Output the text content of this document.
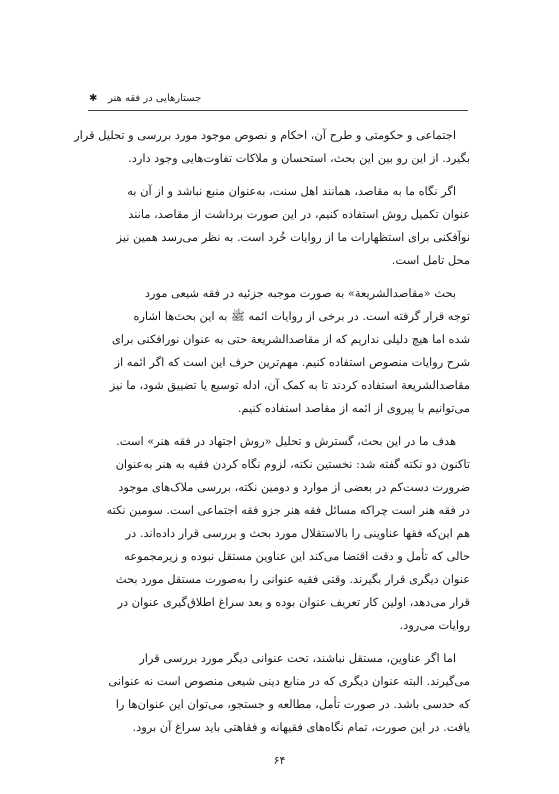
✱ جستارهایی در فقه هنر
اجتماعی و حکومتی و طرح آن، احکام و نصوص موجود مورد بررسی و تحلیل قرار
بگیرد. از این رو بین این بحث، استحسان و ملاکات تفاوت‌هایی وجود دارد.
اگر نگاه ما به مقاصد، همانند اهل سنت، به‌عنوان منبع نباشد و از آن به
عنوان تکمیل روش استفاده کنیم، در این صورت برداشت از مقاصد، مانند
نوآفکنی برای استظهارات ما از روایات خُرد است. به نظر می‌رسد همین نیز
محل تامل است.
بحث «مقاصدالشریعة» به صورت موجبه جزئیه در فقه شیعی مورد
توجه قرار گرفته است. در برخی از روایات ائمه ﷺ به این بحث‌ها اشاره
شده اما هیچ دلیلی نداریم که از مقاصدالشریعة حتی به عنوان نورافکنی برای
شرح روایات منصوص استفاده کنیم. مهم‌ترین حرف این است که اگر ائمه از
مقاصدالشریعة استفاده کردند تا به کمک آن، ادله توسیع یا تضییق شود، ما نیز
می‌توانیم با پیروی از ائمه از مقاصد استفاده کنیم.
هدف ما در این بحث، گسترش و تحلیل «روش اجتهاد در فقه هنر» است.
تاکنون دو نکته گفته شد: نخستین نکته، لزوم نگاه کردن فقیه به هنر به‌عنوان
ضرورت دست‌کم در بعضی از موارد و دومین نکته، بررسی ملاک‌های موجود
در فقه هنر است چراکه مسائل فقه هنر جزو فقه اجتماعی است. سومین نکته
هم این‌که فقها عناوینی را بالاستقلال مورد بحث و بررسی قرار داده‌اند. در
حالی که تأمل و دقت اقتضا می‌کند این عناوین مستقل نبوده و زیرمجموعه
عنوان دیگری قرار بگیرند. وقتی فقیه عنوانی را به‌صورت مستقل مورد بحث
قرار می‌دهد، اولین کار تعریف عنوان بوده و بعد سراغ اطلاق‌گیری عنوان در
روایات می‌رود.
اما اگر عناوین، مستقل نباشند، تحت عنوانی دیگر مورد بررسی قرار
می‌گیرند. البته عنوان دیگری که در منابع دینی شیعی منصوص است نه عنوانی
که حدسی باشد. در صورت تأمل، مطالعه و جستجو، می‌توان این عنوان‌ها را
یافت. در این صورت، تمام نگاه‌های فقیهانه و فقاهتی باید سراغ آن برود.
۶۴
